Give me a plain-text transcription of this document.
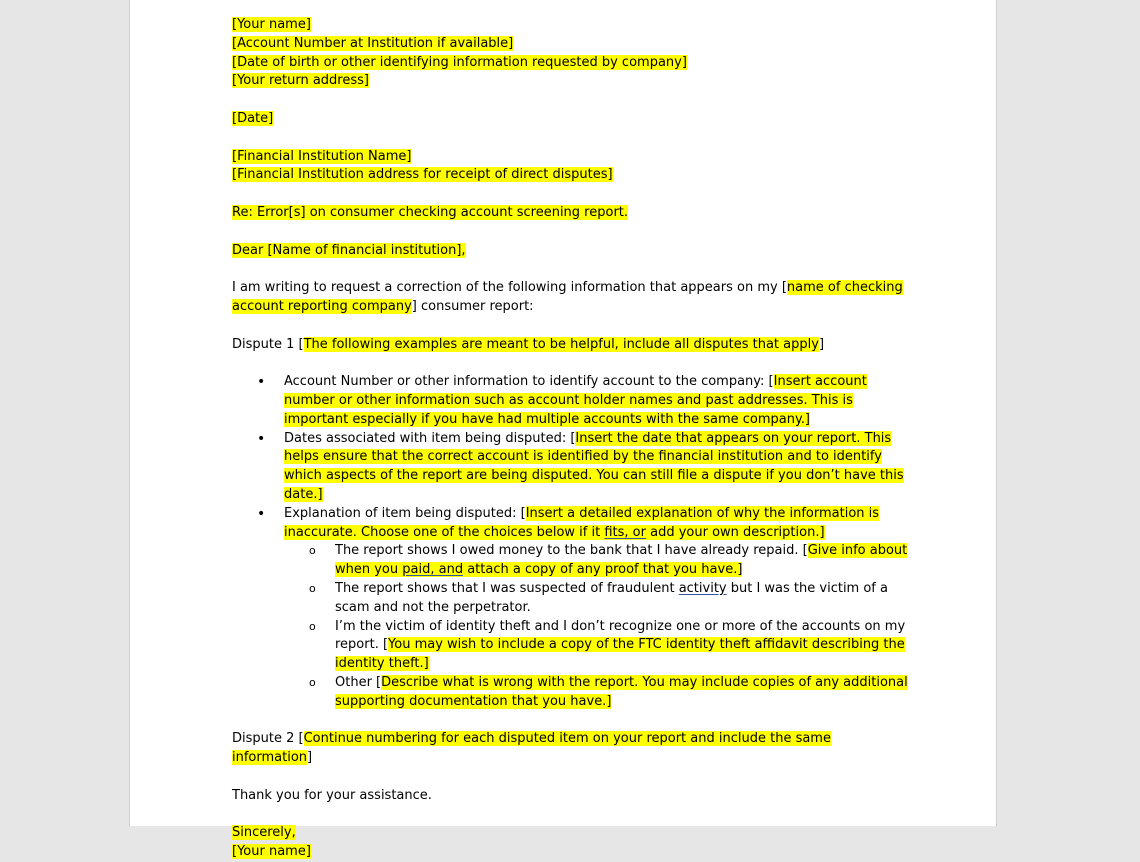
[Your name]

[Account Number at Institution if available]

[Date of birth or other identifying information requested by company]

[Your return address]

[Date]

[Financial Institution Name]

[Financial Institution address for receipt of direct disputes]

Re: Error[s] on consumer checking account screening report.

Dear [Name of financial institution],

I am writing to request a correction of the following information that appears on my [name of checking account reporting company] consumer report:

Dispute 1 [The following examples are meant to be helpful, include all disputes that apply]

• Account Number or other information to identify account to the company: [Insert account number or other information such as account holder names and past addresses. This is important especially if you have had multiple accounts with the same company.]
• Dates associated with item being disputed: [Insert the date that appears on your report. This helps ensure that the correct account is identified by the financial institution and to identify which aspects of the report are being disputed. You can still file a dispute if you don’t have this date.]
• Explanation of item being disputed: [Insert a detailed explanation of why the information is inaccurate. Choose one of the choices below if it fits, or add your own description.]
o The report shows I owed money to the bank that I have already repaid. [Give info about when you paid, and attach a copy of any proof that you have.]
o The report shows that I was suspected of fraudulent activity but I was the victim of a scam and not the perpetrator.
o I’m the victim of identity theft and I don’t recognize one or more of the accounts on my report. [You may wish to include a copy of the FTC identity theft affidavit describing the identity theft.]
o Other [Describe what is wrong with the report. You may include copies of any additional supporting documentation that you have.]

Dispute 2 [Continue numbering for each disputed item on your report and include the same information]

Thank you for your assistance.

Sincerely,

[Your name]
